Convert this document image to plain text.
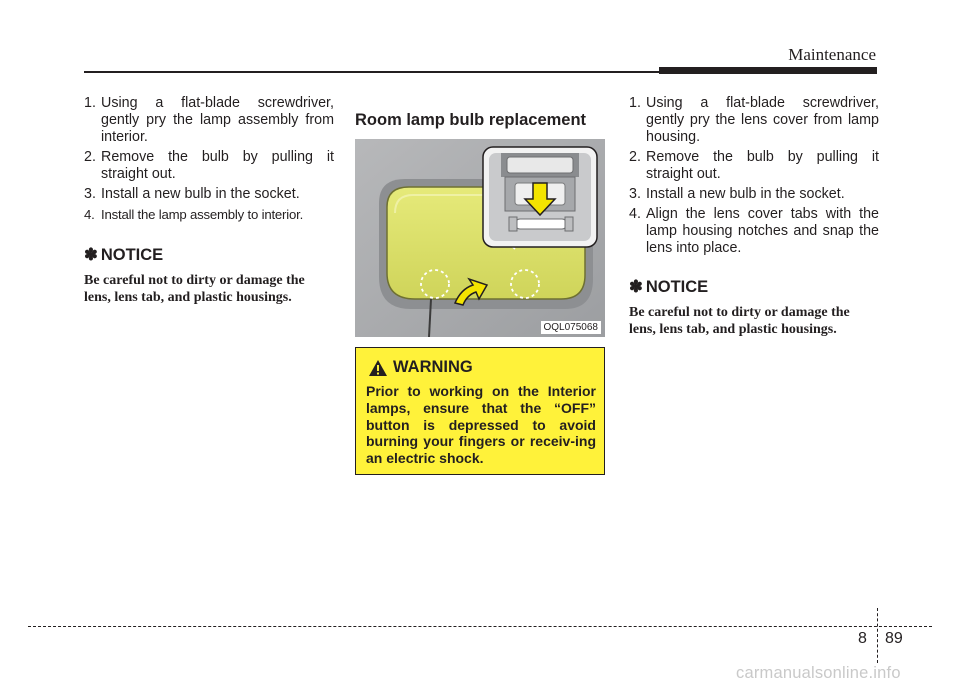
Maintenance
1. Using a flat-blade screwdriver, gently pry the lamp assembly from interior.
2. Remove the bulb by pulling it straight out.
3. Install a new bulb in the socket.
4. Install the lamp assembly to interior.
✽ NOTICE
Be careful not to dirty or damage the lens, lens tab, and plastic housings.
Room lamp bulb replacement
OQL075068
WARNING
Prior to working on the Interior lamps, ensure that the “OFF” button is depressed to avoid burning your fingers or receiv-ing an electric shock.
1. Using a flat-blade screwdriver, gently pry the lens cover from lamp housing.
2. Remove the bulb by pulling it straight out.
3. Install a new bulb in the socket.
4. Align the lens cover tabs with the lamp housing notches and snap the lens into place.
✽ NOTICE
Be careful not to dirty or damage the lens, lens tab, and plastic housings.
8 89
carmanualsonline.info
